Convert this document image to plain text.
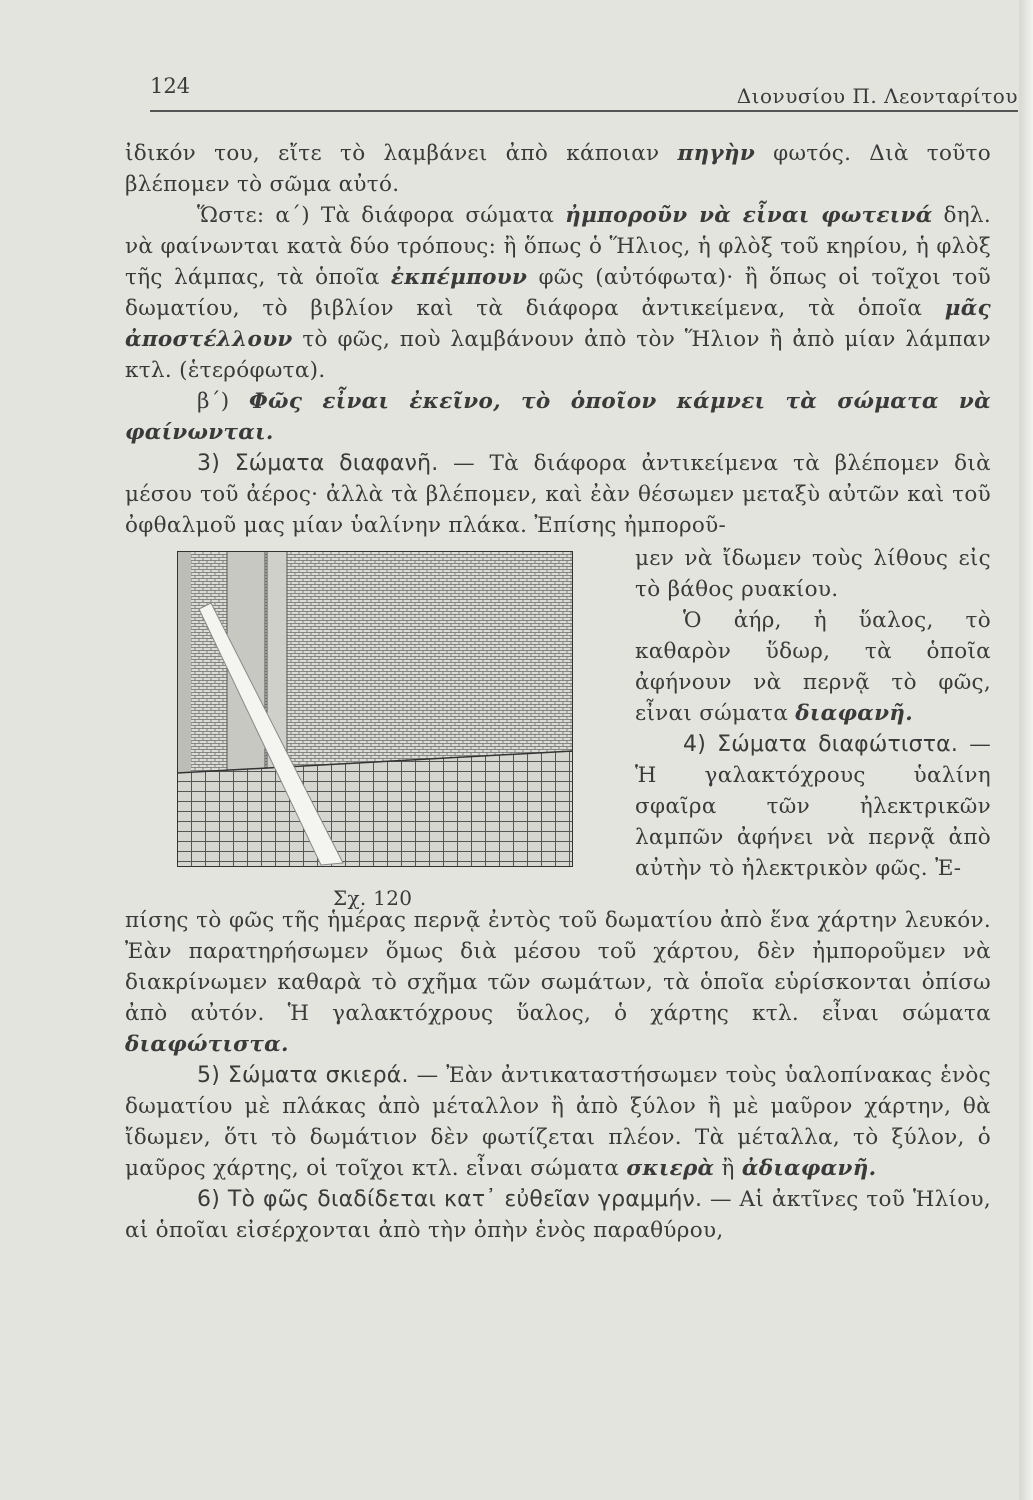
124	Διονυσίου Π. Λεονταρίτου

ἰδικόν του, εἴτε τὸ λαμβάνει ἀπὸ κάποιαν πηγὴν φωτός. Διὰ τοῦτο βλέπομεν τὸ σῶμα αὐτό.

Ὥστε: α΄) Τὰ διάφορα σώματα ἠμποροῦν νὰ εἶναι φωτεινά δηλ. νὰ φαίνωνται κατὰ δύο τρόπους: ἢ ὅπως ὁ Ἥλιος, ἡ φλὸξ τοῦ κηρίου, ἡ φλὸξ τῆς λάμπας, τὰ ὁποῖα ἐκπέμπουν φῶς (αὐτόφωτα)· ἢ ὅπως οἱ τοῖχοι τοῦ δωματίου, τὸ βιβλίον καὶ τὰ διάφορα ἀντικείμενα, τὰ ὁποῖα μᾶς ἀποστέλλουν τὸ φῶς, ποὺ λαμβάνουν ἀπὸ τὸν Ἥλιον ἢ ἀπὸ μίαν λάμπαν κτλ. (ἑτερόφωτα).

β΄) Φῶς εἶναι ἐκεῖνο, τὸ ὁποῖον κάμνει τὰ σώματα νὰ φαίνωνται.

3) Σώματα διαφανῆ. — Τὰ διάφορα ἀντικείμενα τὰ βλέπομεν διὰ μέσου τοῦ ἀέρος· ἀλλὰ τὰ βλέπομεν, καὶ ἐὰν θέσωμεν μεταξὺ αὐτῶν καὶ τοῦ ὀφθαλμοῦ μας μίαν ὑαλίνην πλάκα. Ἐπίσης ἠμποροῦ-

Σχ. 120

μεν νὰ ἴδωμεν τοὺς λίθους εἰς τὸ βάθος ρυακίου.

Ὁ ἀήρ, ἡ ὕαλος, τὸ καθαρὸν ὕδωρ, τὰ ὁποῖα ἀφήνουν νὰ περνᾷ τὸ φῶς, εἶναι σώματα διαφανῆ.

4) Σώματα διαφώτιστα. — Ἡ γαλακτόχρους ὑαλίνη σφαῖρα τῶν ἠλεκτρικῶν λαμπῶν ἀφήνει νὰ περνᾷ ἀπὸ αὐτὴν τὸ ἠλεκτρικὸν φῶς. Ἐ-

πίσης τὸ φῶς τῆς ἡμέρας περνᾷ ἐντὸς τοῦ δωματίου ἀπὸ ἕνα χάρτην λευκόν. Ἐὰν παρατηρήσωμεν ὅμως διὰ μέσου τοῦ χάρτου, δὲν ἠμποροῦμεν νὰ διακρίνωμεν καθαρὰ τὸ σχῆμα τῶν σωμάτων, τὰ ὁποῖα εὑρίσκονται ὀπίσω ἀπὸ αὐτόν. Ἡ γαλακτόχρους ὕαλος, ὁ χάρτης κτλ. εἶναι σώματα διαφώτιστα.

5) Σώματα σκιερά. — Ἐὰν ἀντικαταστήσωμεν τοὺς ὑαλοπίνακας ἑνὸς δωματίου μὲ πλάκας ἀπὸ μέταλλον ἢ ἀπὸ ξύλον ἢ μὲ μαῦρον χάρτην, θὰ ἴδωμεν, ὅτι τὸ δωμάτιον δὲν φωτίζεται πλέον. Τὰ μέταλλα, τὸ ξύλον, ὁ μαῦρος χάρτης, οἱ τοῖχοι κτλ. εἶναι σώματα σκιερὰ ἢ ἀδιαφανῆ.

6) Τὸ φῶς διαδίδεται κατ᾽ εὐθεῖαν γραμμήν. — Αἱ ἀκτῖνες τοῦ Ἡλίου, αἱ ὁποῖαι εἰσέρχονται ἀπὸ τὴν ὀπὴν ἑνὸς παραθύρου,
